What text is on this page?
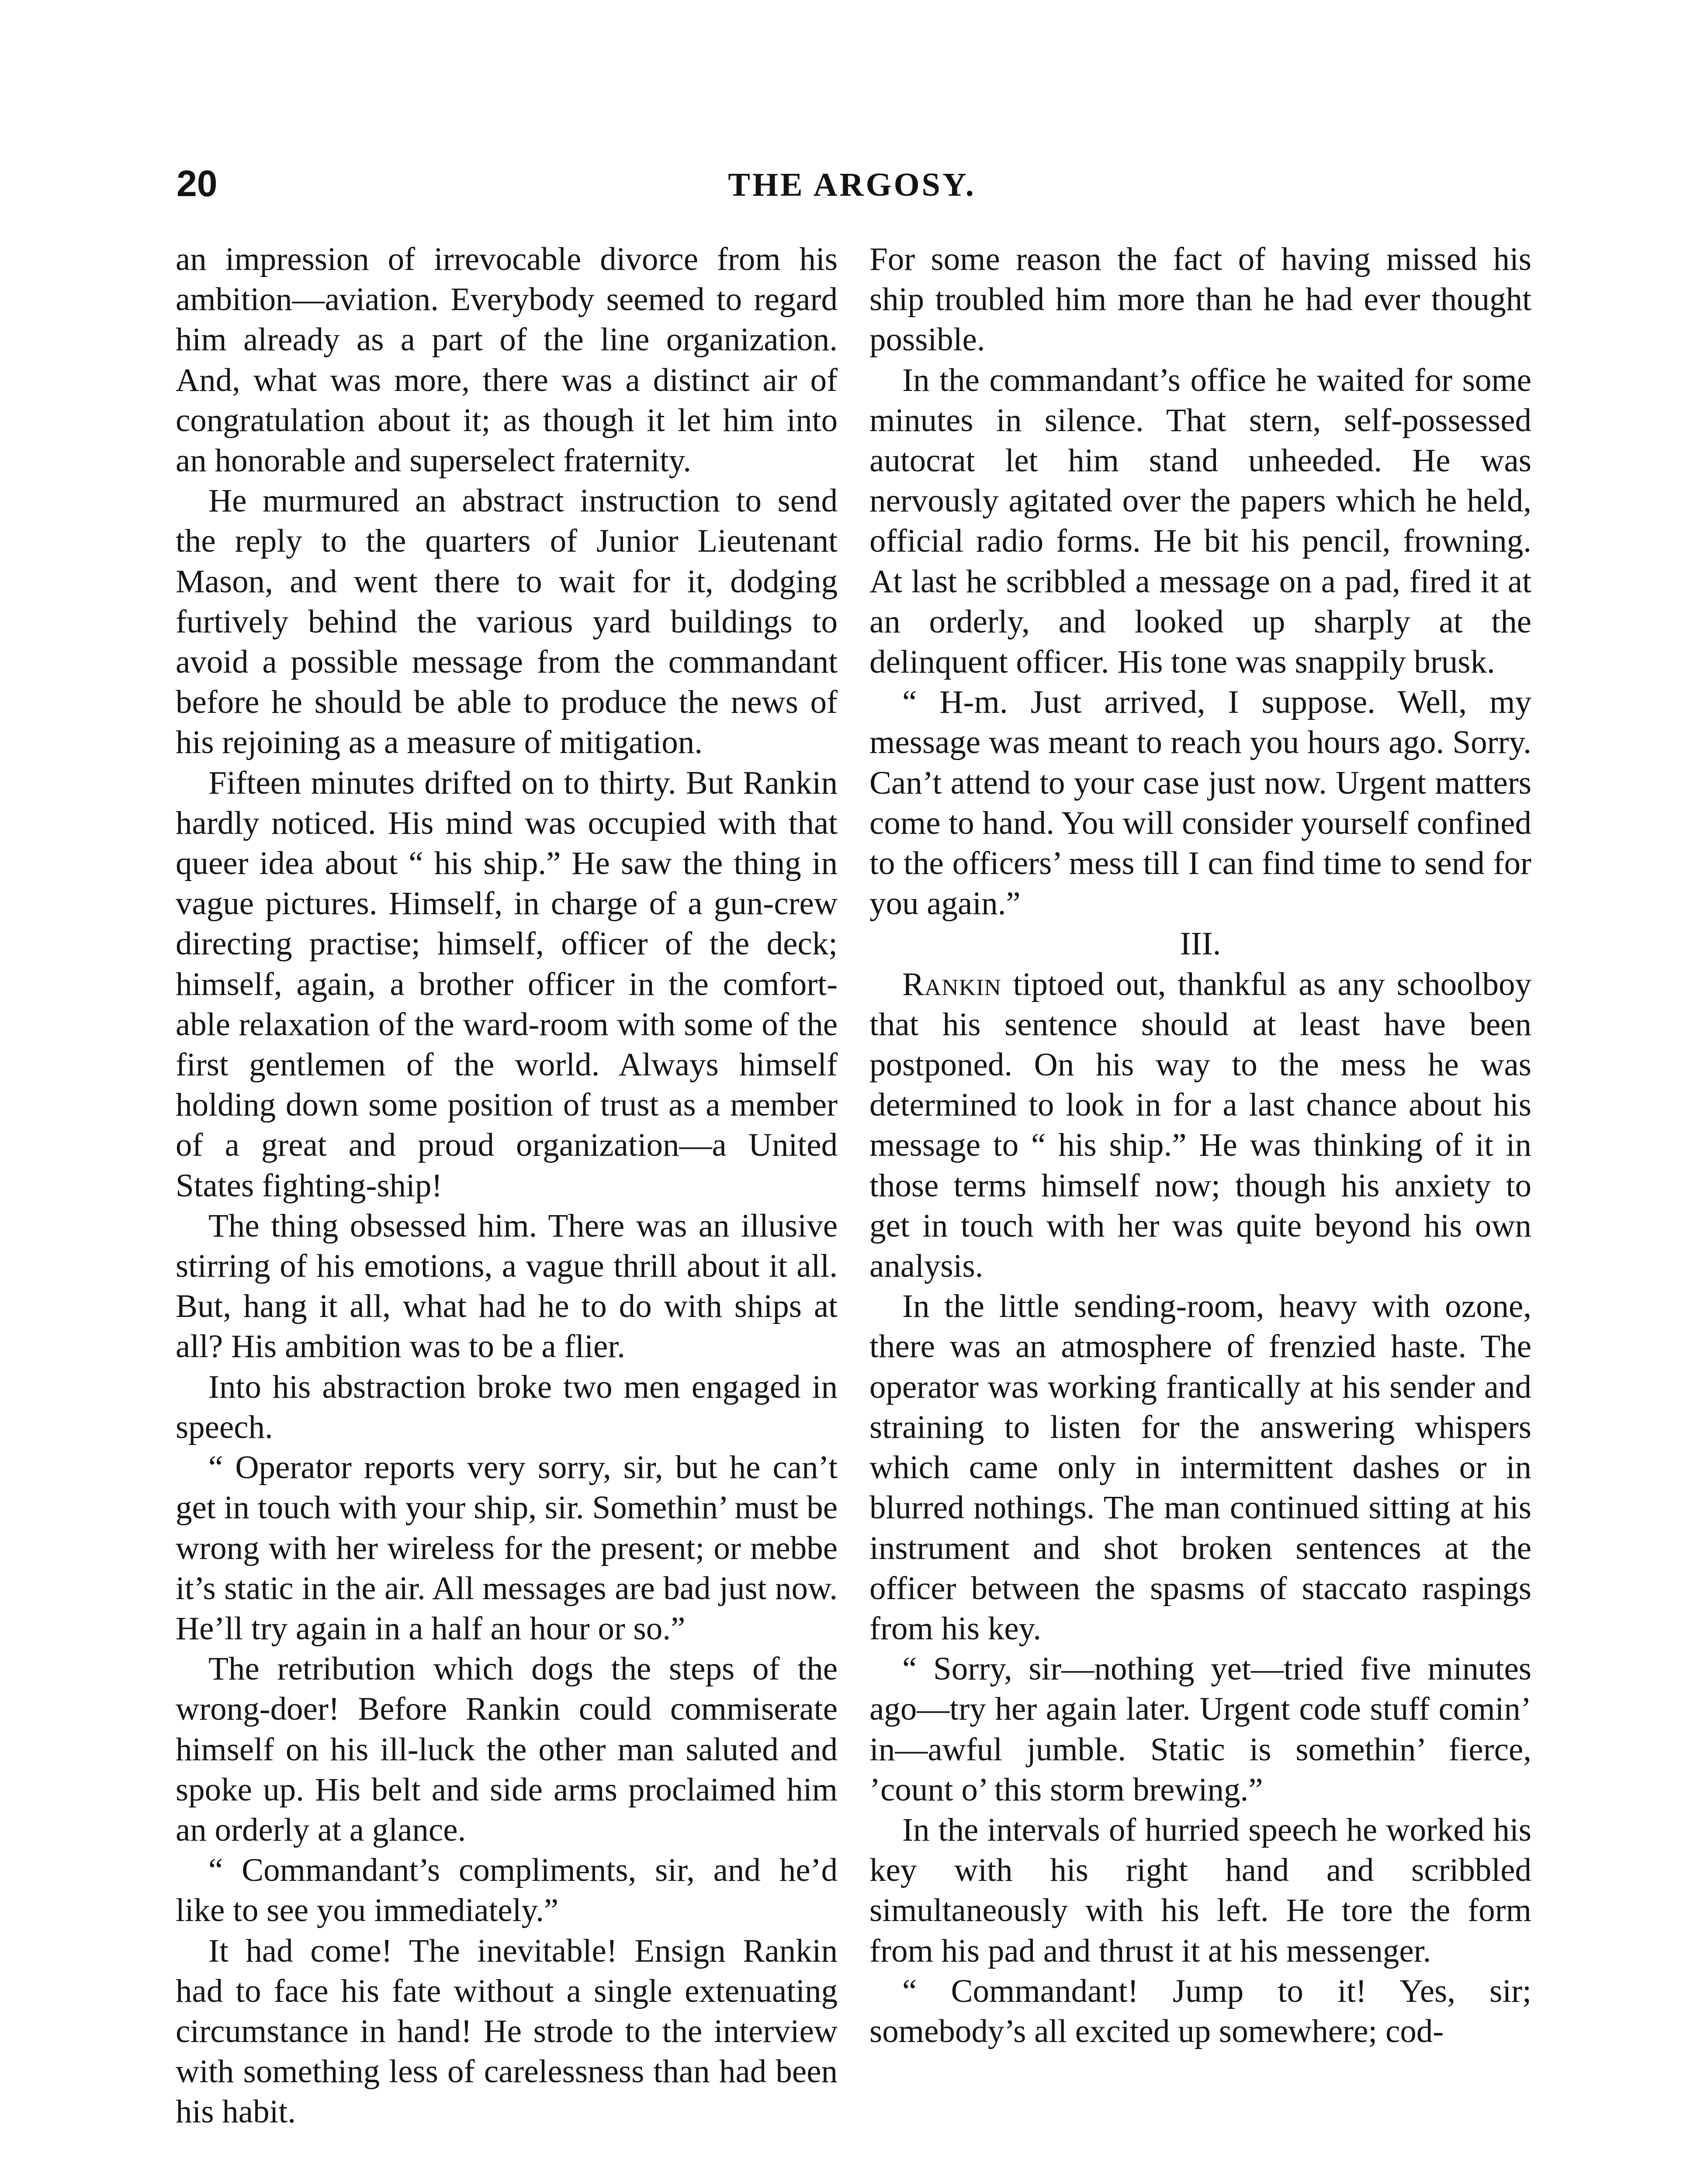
20	THE ARGOSY.

an impression of irrevocable divorce from his ambition—aviation. Everybody seemed to regard him already as a part of the line organization. And, what was more, there was a distinct air of congratulation about it; as though it let him into an honorable and superselect fraternity.

He murmured an abstract instruction to send the reply to the quarters of Junior Lieutenant Mason, and went there to wait for it, dodging furtively behind the various yard buildings to avoid a possible message from the commandant before he should be able to produce the news of his rejoining as a measure of mitigation.

Fifteen minutes drifted on to thirty. But Rankin hardly noticed. His mind was occupied with that queer idea about “ his ship.” He saw the thing in vague pictures. Himself, in charge of a gun-crew directing practise; himself, officer of the deck; himself, again, a brother officer in the comfortable relaxation of the ward-room with some of the first gentlemen of the world. Always himself holding down some position of trust as a member of a great and proud organization—a United States fighting-ship!

The thing obsessed him. There was an illusive stirring of his emotions, a vague thrill about it all. But, hang it all, what had he to do with ships at all? His ambition was to be a flier.

Into his abstraction broke two men engaged in speech.

“ Operator reports very sorry, sir, but he can’t get in touch with your ship, sir. Somethin’ must be wrong with her wireless for the present; or mebbe it’s static in the air. All messages are bad just now. He’ll try again in a half an hour or so.”

The retribution which dogs the steps of the wrong-doer! Before Rankin could commiserate himself on his ill-luck the other man saluted and spoke up. His belt and side arms proclaimed him an orderly at a glance.

“ Commandant’s compliments, sir, and he’d like to see you immediately.”

It had come! The inevitable! Ensign Rankin had to face his fate without a single extenuating circumstance in hand! He strode to the interview with something less of carelessness than had been his habit.

For some reason the fact of having missed his ship troubled him more than he had ever thought possible.

In the commandant’s office he waited for some minutes in silence. That stern, self-possessed autocrat let him stand unheeded. He was nervously agitated over the papers which he held, official radio forms. He bit his pencil, frowning. At last he scribbled a message on a pad, fired it at an orderly, and looked up sharply at the delinquent officer. His tone was snappily brusk.

“ H-m. Just arrived, I suppose. Well, my message was meant to reach you hours ago. Sorry. Can’t attend to your case just now. Urgent matters come to hand. You will consider yourself confined to the officers’ mess till I can find time to send for you again.”

III.

Rankin tiptoed out, thankful as any schoolboy that his sentence should at least have been postponed. On his way to the mess he was determined to look in for a last chance about his message to “ his ship.” He was thinking of it in those terms himself now; though his anxiety to get in touch with her was quite beyond his own analysis.

In the little sending-room, heavy with ozone, there was an atmosphere of frenzied haste. The operator was working frantically at his sender and straining to listen for the answering whispers which came only in intermittent dashes or in blurred nothings. The man continued sitting at his instrument and shot broken sentences at the officer between the spasms of staccato raspings from his key.

“ Sorry, sir—nothing yet—tried five minutes ago—try her again later. Urgent code stuff comin’ in—awful jumble. Static is somethin’ fierce, ’count o’ this storm brewing.”

In the intervals of hurried speech he worked his key with his right hand and scribbled simultaneously with his left. He tore the form from his pad and thrust it at his messenger.

“ Commandant! Jump to it! Yes, sir; somebody’s all excited up somewhere; cod-
